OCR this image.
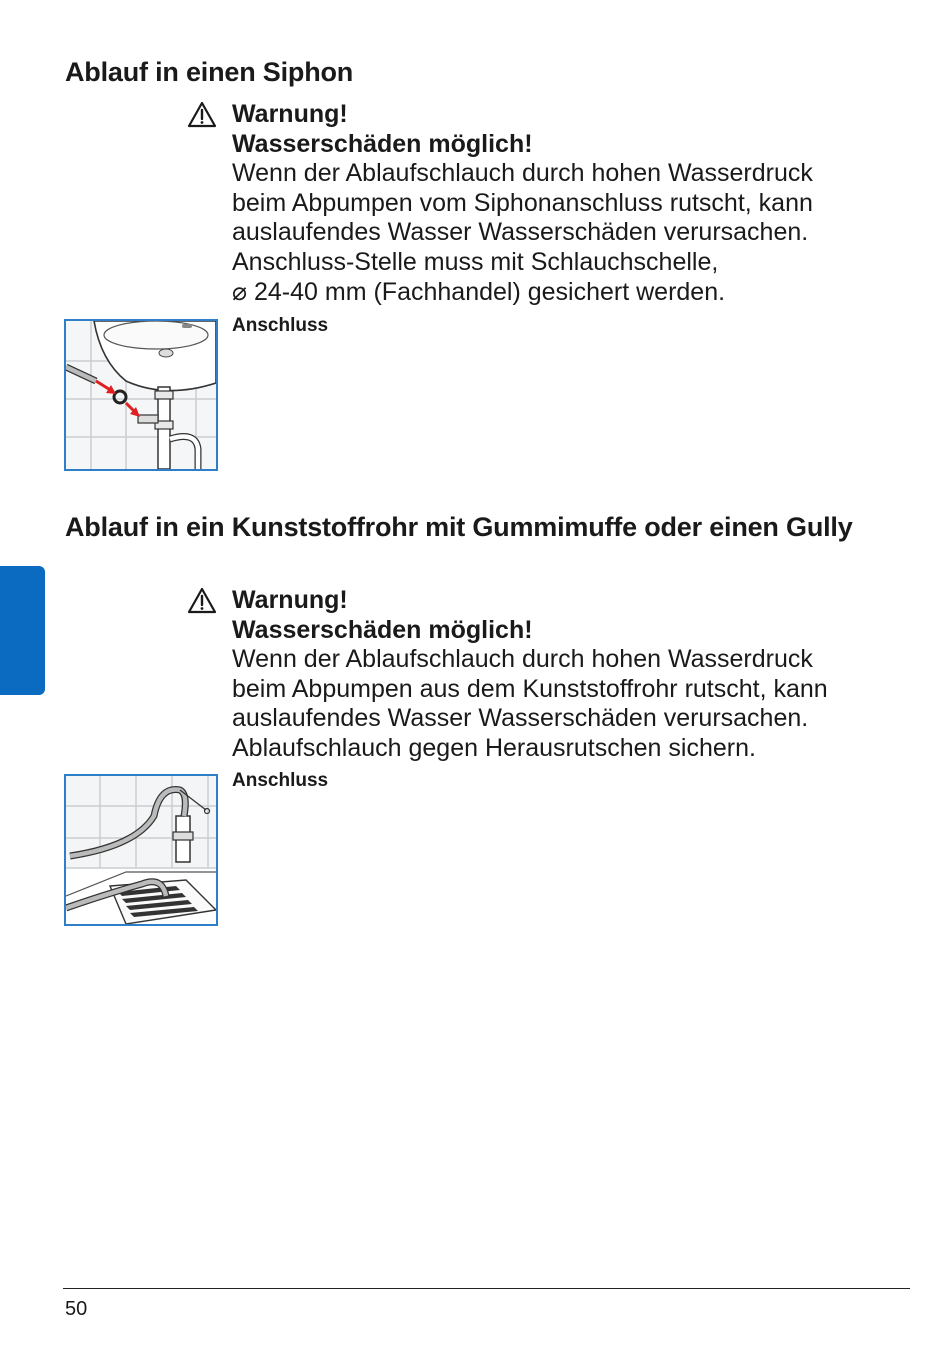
Ablauf in einen Siphon
Warnung!
Wasserschäden möglich!
Wenn der Ablaufschlauch durch hohen Wasserdruck
beim Abpumpen vom Siphonanschluss rutscht, kann
auslaufendes Wasser Wasserschäden verursachen.
Anschluss-Stelle muss mit Schlauchschelle,
⌀ 24-40 mm (Fachhandel) gesichert werden.
Anschluss
Ablauf in ein Kunststoffrohr mit Gummimuffe oder einen Gully
Warnung!
Wasserschäden möglich!
Wenn der Ablaufschlauch durch hohen Wasserdruck
beim Abpumpen aus dem Kunststoffrohr rutscht, kann
auslaufendes Wasser Wasserschäden verursachen.
Ablaufschlauch gegen Herausrutschen sichern.
Anschluss
50
